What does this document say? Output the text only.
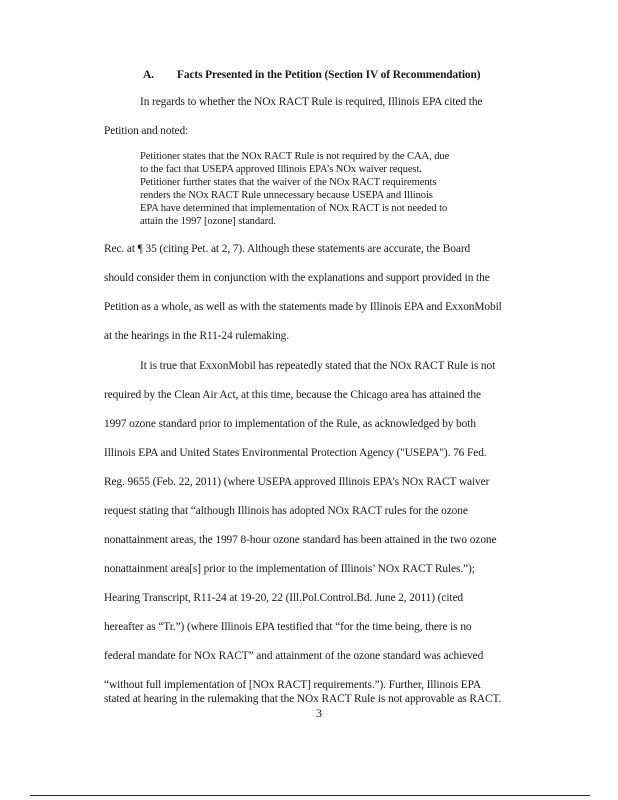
A. Facts Presented in the Petition (Section IV of Recommendation)
In regards to whether the NOx RACT Rule is required, Illinois EPA cited the
Petition and noted:
Petitioner states that the NOx RACT Rule is not required by the CAA, due
to the fact that USEPA approved Illinois EPA’s NOx waiver request.
Petitioner further states that the waiver of the NOx RACT requirements
renders the NOx RACT Rule unnecessary because USEPA and Illinois
EPA have determined that implementation of NOx RACT is not needed to
attain the 1997 [ozone] standard.
Rec. at ¶ 35 (citing Pet. at 2, 7). Although these statements are accurate, the Board
should consider them in conjunction with the explanations and support provided in the
Petition as a whole, as well as with the statements made by Illinois EPA and ExxonMobil
at the hearings in the R11-24 rulemaking.
It is true that ExxonMobil has repeatedly stated that the NOx RACT Rule is not
required by the Clean Air Act, at this time, because the Chicago area has attained the
1997 ozone standard prior to implementation of the Rule, as acknowledged by both
Illinois EPA and United States Environmental Protection Agency ("USEPA"). 76 Fed.
Reg. 9655 (Feb. 22, 2011) (where USEPA approved Illinois EPA’s NOx RACT waiver
request stating that “although Illinois has adopted NOx RACT rules for the ozone
nonattainment areas, the 1997 8-hour ozone standard has been attained in the two ozone
nonattainment area[s] prior to the implementation of Illinois’ NOx RACT Rules.”);
Hearing Transcript, R11-24 at 19-20, 22 (Ill.Pol.Control.Bd. June 2, 2011) (cited
hereafter as “Tr.”) (where Illinois EPA testified that “for the time being, there is no
federal mandate for NOx RACT” and attainment of the ozone standard was achieved
“without full implementation of [NOx RACT] requirements.”). Further, Illinois EPA
stated at hearing in the rulemaking that the NOx RACT Rule is not approvable as RACT.
3
